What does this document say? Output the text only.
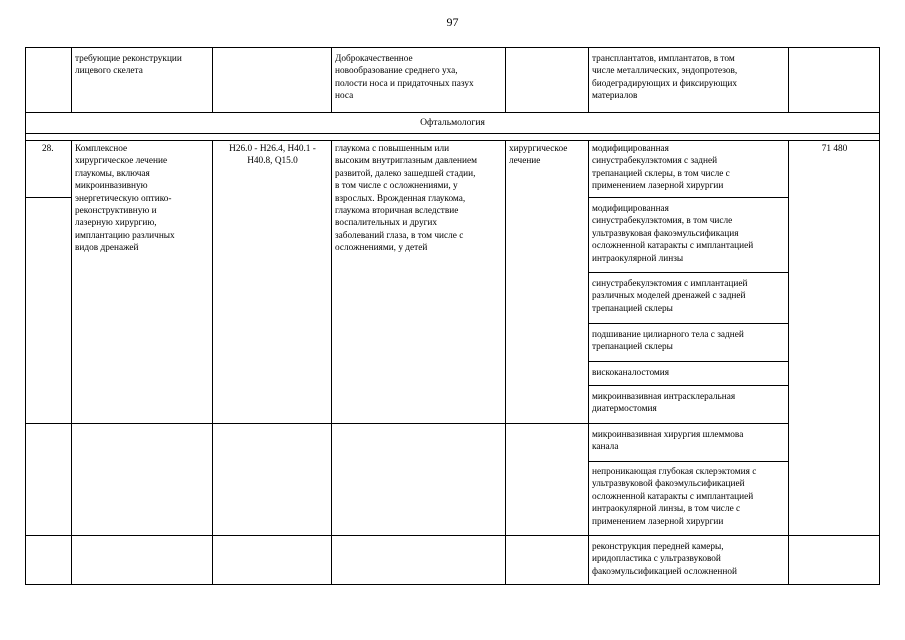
97
требующие реконструкции
лицевого скелета
Доброкачественное
новообразование среднего уха,
полости носа и придаточных пазух
носа
трансплантатов, имплантатов, в том
числе металлических, эндопротезов,
биодеградирующих и фиксирующих
материалов
Офтальмология
28. Комплексное
хирургическое лечение
глаукомы, включая
микроинвазивную
энергетическую оптико-
реконструктивную и
лазерную хирургию,
имплантацию различных
видов дренажей
H26.0 - H26.4, H40.1 -
H40.8, Q15.0
глаукома с повышенным или
высоким внутриглазным давлением
развитой, далеко зашедшей стадии,
в том числе с осложнениями, у
взрослых. Врожденная глаукома,
глаукома вторичная вследствие
воспалительных и других
заболеваний глаза, в том числе с
осложнениями, у детей
хирургическое
лечение
71 480
модифицированная
синустрабекулэктомия с задней
трепанацией склеры, в том числе с
применением лазерной хирургии
модифицированная
синустрабекулэктомия, в том числе
ультразвуковая факоэмульсификация
осложненной катаракты с имплантацией
интраокулярной линзы
синустрабекулэктомия с имплантацией
различных моделей дренажей с задней
трепанацией склеры
подшивание цилиарного тела с задней
трепанацией склеры
вискоканалостомия
микроинвазивная интрасклеральная
диатермостомия
микроинвазивная хирургия шлеммова
канала
непроникающая глубокая склерэктомия с
ультразвуковой факоэмульсификацией
осложненной катаракты с имплантацией
интраокулярной линзы, в том числе с
применением лазерной хирургии
реконструкция передней камеры,
иридопластика с ультразвуковой
факоэмульсификацией осложненной
